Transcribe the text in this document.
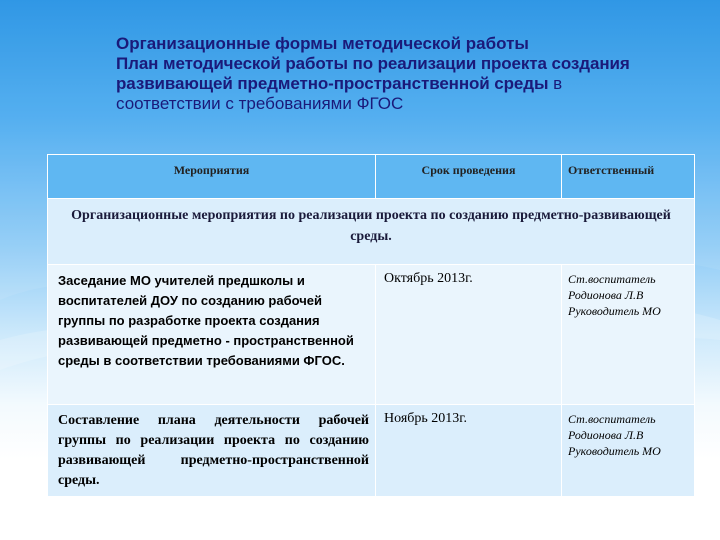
Организационные формы методической работы
План методической работы по реализации проекта создания развивающей предметно-пространственной среды в соответствии с требованиями ФГОС
Мероприятия	Срок проведения	Ответственный
Организационные мероприятия по реализации проекта по созданию предметно-развивающей среды.		
Заседание МО учителей предшколы и воспитателей ДОУ по созданию рабочей группы по разработке проекта создания развивающей предметно - пространственной среды в соответствии требованиями ФГОС.	Октябрь 2013г.	Ст.воспитатель
Родионова Л.В
Руководитель МО

Составление плана деятельности рабочей группы по реализации проекта по созданию развивающей предметно-пространственной среды.	Ноябрь 2013г.	Ст.воспитатель
Родионова Л.В
Руководитель МО
